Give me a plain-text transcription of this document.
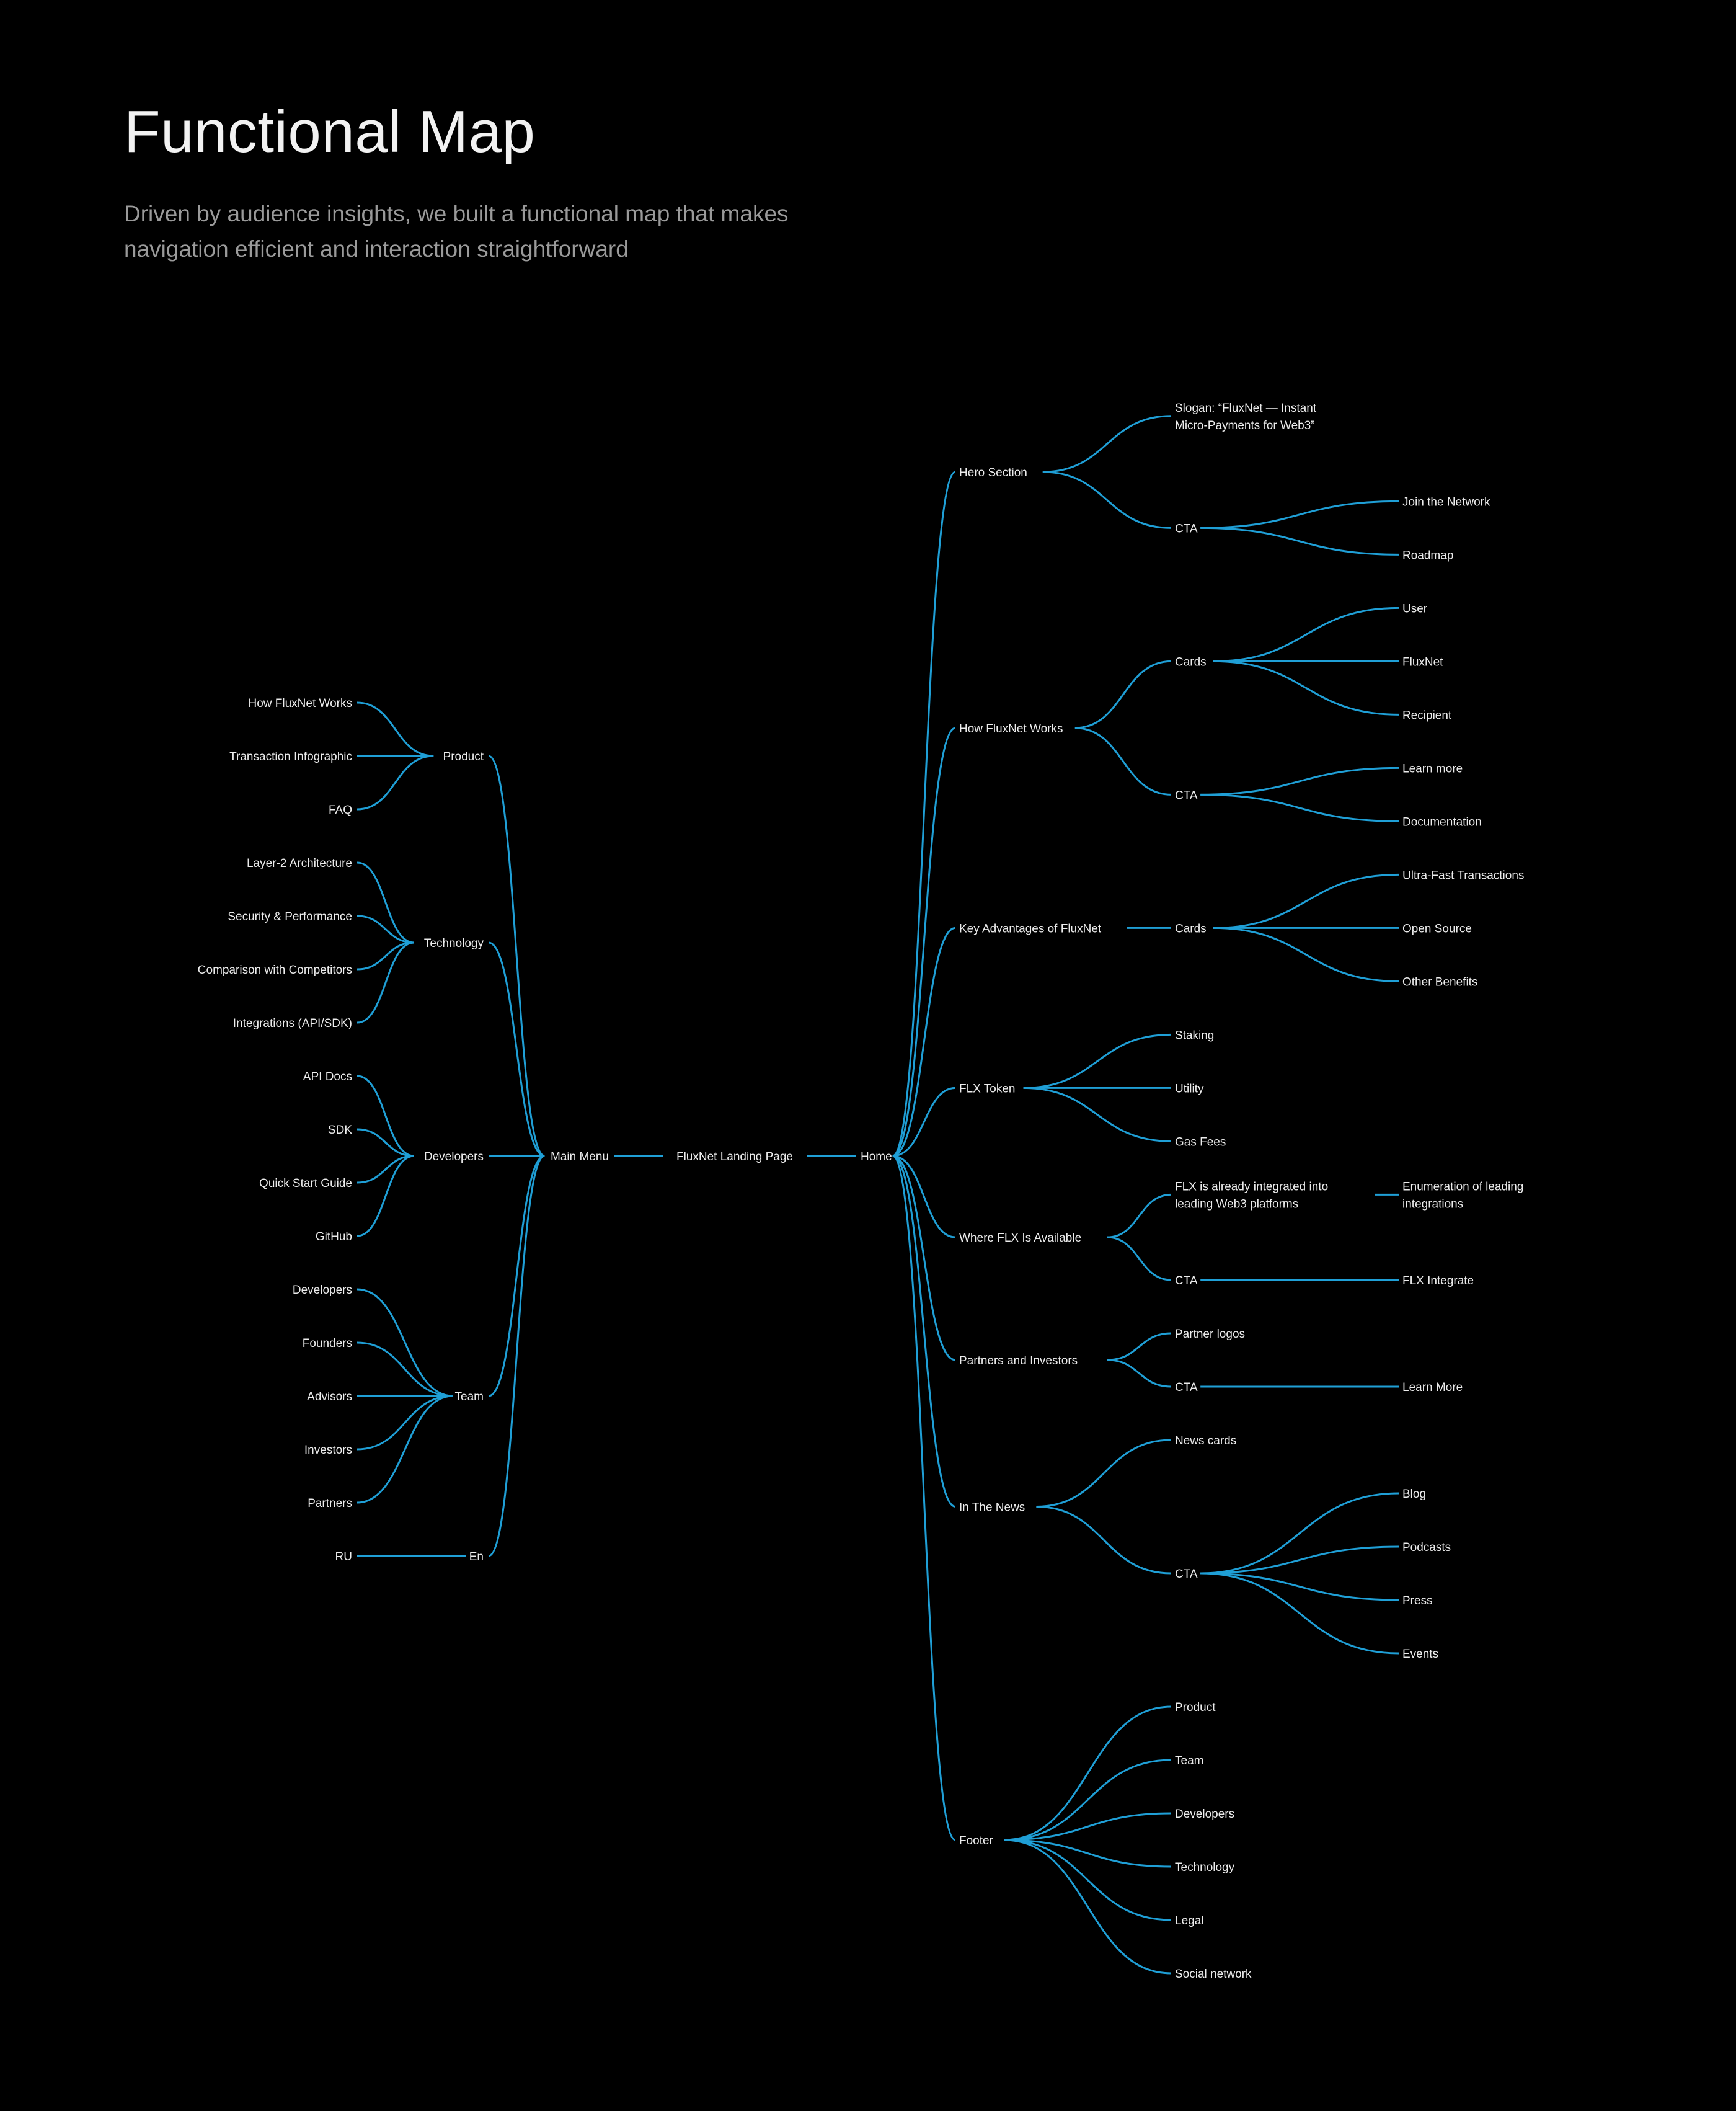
Functional Map

Driven by audience insights, we built a functional map that makes
navigation efficient and interaction straightforward

FluxNet Landing Page	Home
Main Menu
Hero Section
Slogan: “FluxNet — Instant Micro-Payments for Web3”
CTA
Join the Network
Roadmap
How FluxNet Works
Cards
User
FluxNet
Recipient
CTA
Learn more
Documentation
Key Advantages of FluxNet	Cards
Ultra-Fast Transactions
Open Source
Other Benefits
FLX Token
Staking
Utility
Gas Fees
Where FLX Is Available
FLX is already integrated into leading Web3 platforms
Enumeration of leading integrations
CTA	FLX Integrate
Partners and Investors
Partner logos
CTA	Learn More
In The News
News cards
CTA
Blog
Podcasts
Press
Events
Footer
Product
Team
Developers
Technology
Legal
Social network
Product
How FluxNet Works
Transaction Infographic
FAQ
Technology
Layer-2 Architecture
Security & Performance
Comparison with Competitors
Integrations (API/SDK)
Developers
API Docs
SDK
Quick Start Guide
GitHub
Team
Developers
Founders
Advisors
Investors
Partners
En
RU
